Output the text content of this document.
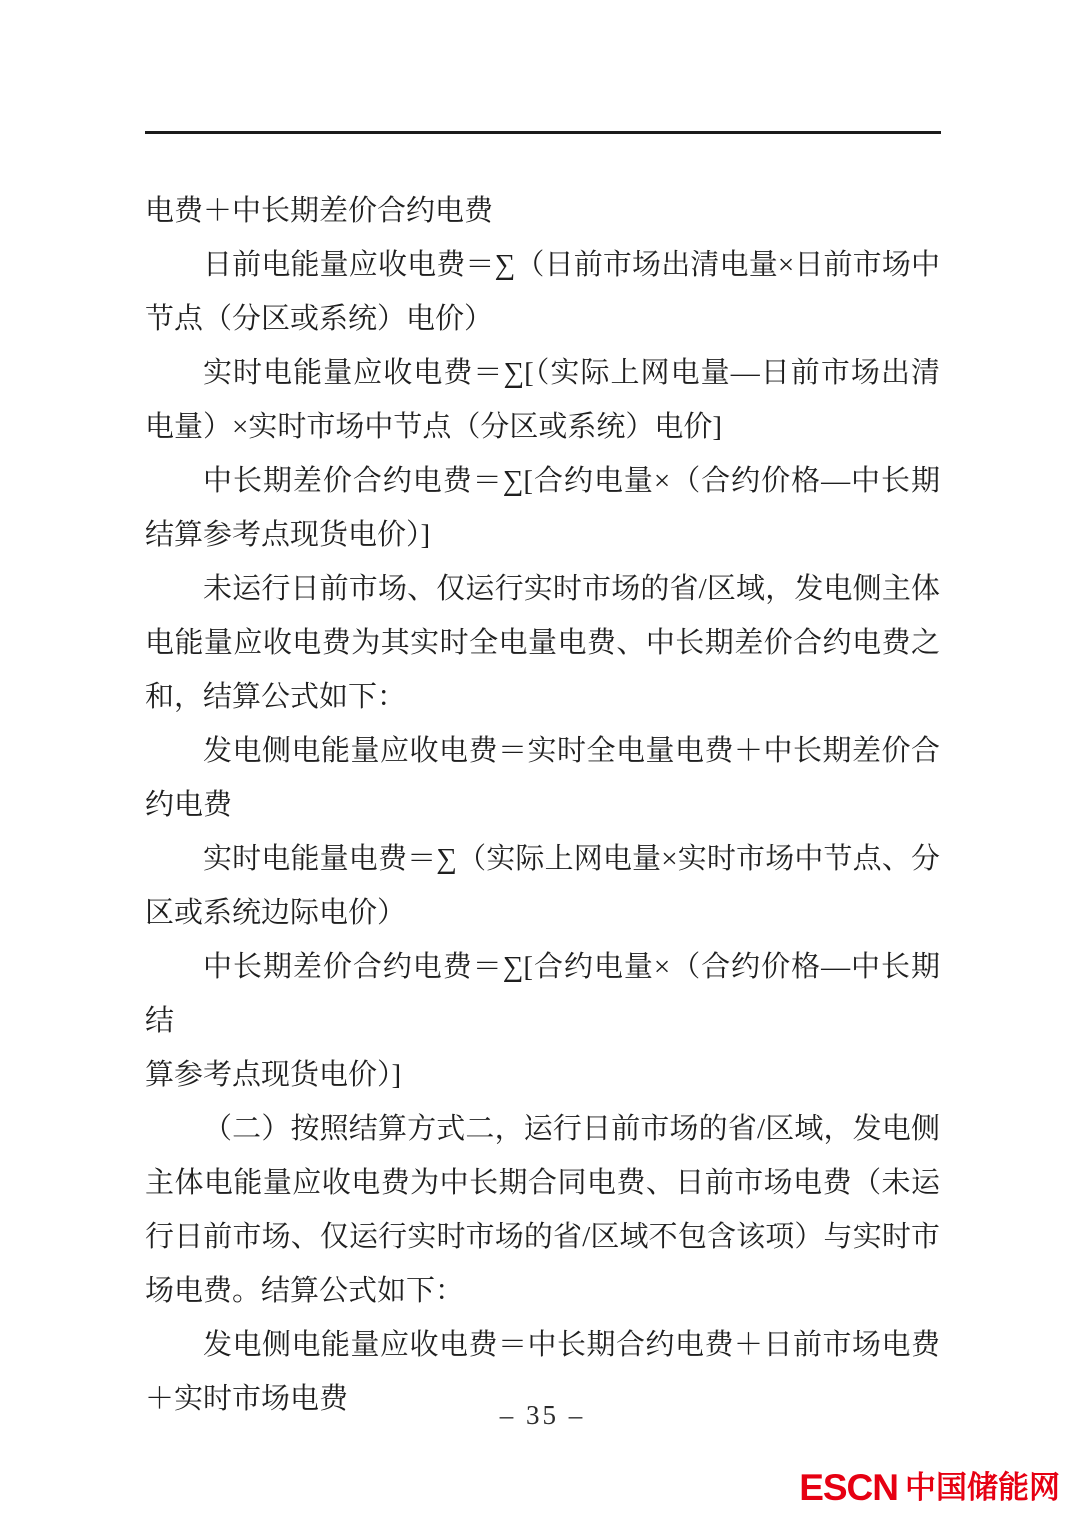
电费＋中长期差价合约电费
日前电能量应收电费＝∑（日前市场出清电量×日前市场中
节点（分区或系统）电价）
实时电能量应收电费＝∑[（实际上网电量—日前市场出清
电量）×实时市场中节点（分区或系统）电价]
中长期差价合约电费＝∑[合约电量×（合约价格—中长期
结算参考点现货电价）]
未运行日前市场、仅运行实时市场的省/区域，发电侧主体
电能量应收电费为其实时全电量电费、中长期差价合约电费之
和，结算公式如下：
发电侧电能量应收电费＝实时全电量电费＋中长期差价合
约电费
实时电能量电费＝∑（实际上网电量×实时市场中节点、分
区或系统边际电价）
中长期差价合约电费＝∑[合约电量×（合约价格—中长期结
算参考点现货电价）]
（二）按照结算方式二，运行日前市场的省/区域，发电侧
主体电能量应收电费为中长期合同电费、日前市场电费（未运
行日前市场、仅运行实时市场的省/区域不包含该项）与实时市
场电费。结算公式如下：
发电侧电能量应收电费＝中长期合约电费＋日前市场电费
＋实时市场电费	– 35 –
ESCN 中国储能网
